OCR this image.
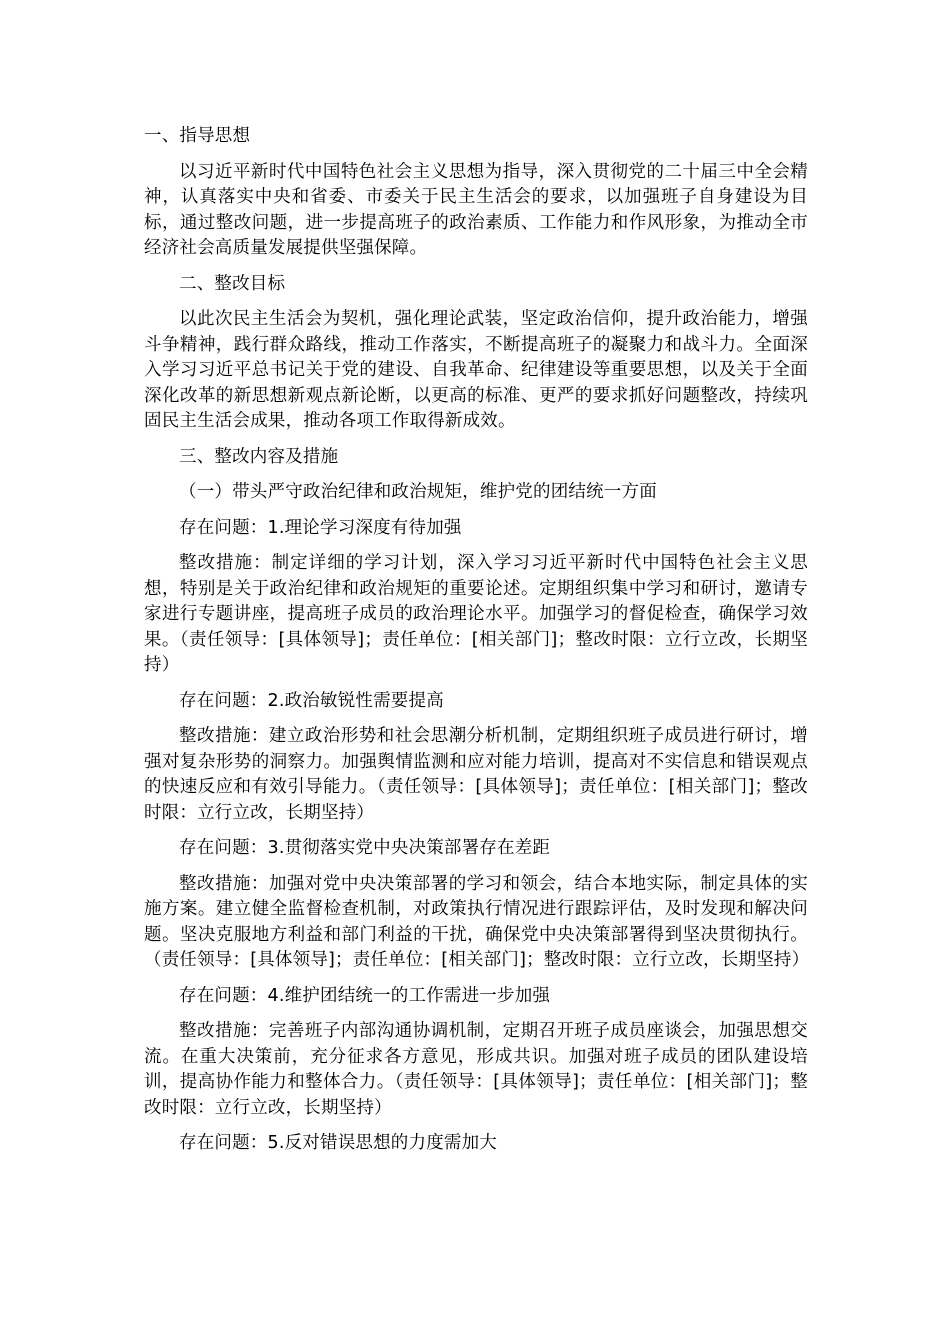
一、指导思想

以习近平新时代中国特色社会主义思想为指导，深入贯彻党的二十届三中全会精神，认真落实中央和省委、市委关于民主生活会的要求，以加强班子自身建设为目标，通过整改问题，进一步提高班子的政治素质、工作能力和作风形象，为推动全市经济社会高质量发展提供坚强保障。

二、整改目标

以此次民主生活会为契机，强化理论武装，坚定政治信仰，提升政治能力，增强斗争精神，践行群众路线，推动工作落实，不断提高班子的凝聚力和战斗力。全面深入学习习近平总书记关于党的建设、自我革命、纪律建设等重要思想，以及关于全面深化改革的新思想新观点新论断，以更高的标准、更严的要求抓好问题整改，持续巩固民主生活会成果，推动各项工作取得新成效。

三、整改内容及措施

（一）带头严守政治纪律和政治规矩，维护党的团结统一方面

存在问题：1.理论学习深度有待加强

整改措施：制定详细的学习计划，深入学习习近平新时代中国特色社会主义思想，特别是关于政治纪律和政治规矩的重要论述。定期组织集中学习和研讨，邀请专家进行专题讲座，提高班子成员的政治理论水平。加强学习的督促检查，确保学习效果。（责任领导：[具体领导]；责任单位：[相关部门]；整改时限：立行立改，长期坚持）

存在问题：2.政治敏锐性需要提高

整改措施：建立政治形势和社会思潮分析机制，定期组织班子成员进行研讨，增强对复杂形势的洞察力。加强舆情监测和应对能力培训，提高对不实信息和错误观点的快速反应和有效引导能力。（责任领导：[具体领导]；责任单位：[相关部门]；整改时限：立行立改，长期坚持）

存在问题：3.贯彻落实党中央决策部署存在差距

整改措施：加强对党中央决策部署的学习和领会，结合本地实际，制定具体的实施方案。建立健全监督检查机制，对政策执行情况进行跟踪评估，及时发现和解决问题。坚决克服地方利益和部门利益的干扰，确保党中央决策部署得到坚决贯彻执行。（责任领导：[具体领导]；责任单位：[相关部门]；整改时限：立行立改，长期坚持）

存在问题：4.维护团结统一的工作需进一步加强

整改措施：完善班子内部沟通协调机制，定期召开班子成员座谈会，加强思想交流。在重大决策前，充分征求各方意见，形成共识。加强对班子成员的团队建设培训，提高协作能力和整体合力。（责任领导：[具体领导]；责任单位：[相关部门]；整改时限：立行立改，长期坚持）

存在问题：5.反对错误思想的力度需加大
